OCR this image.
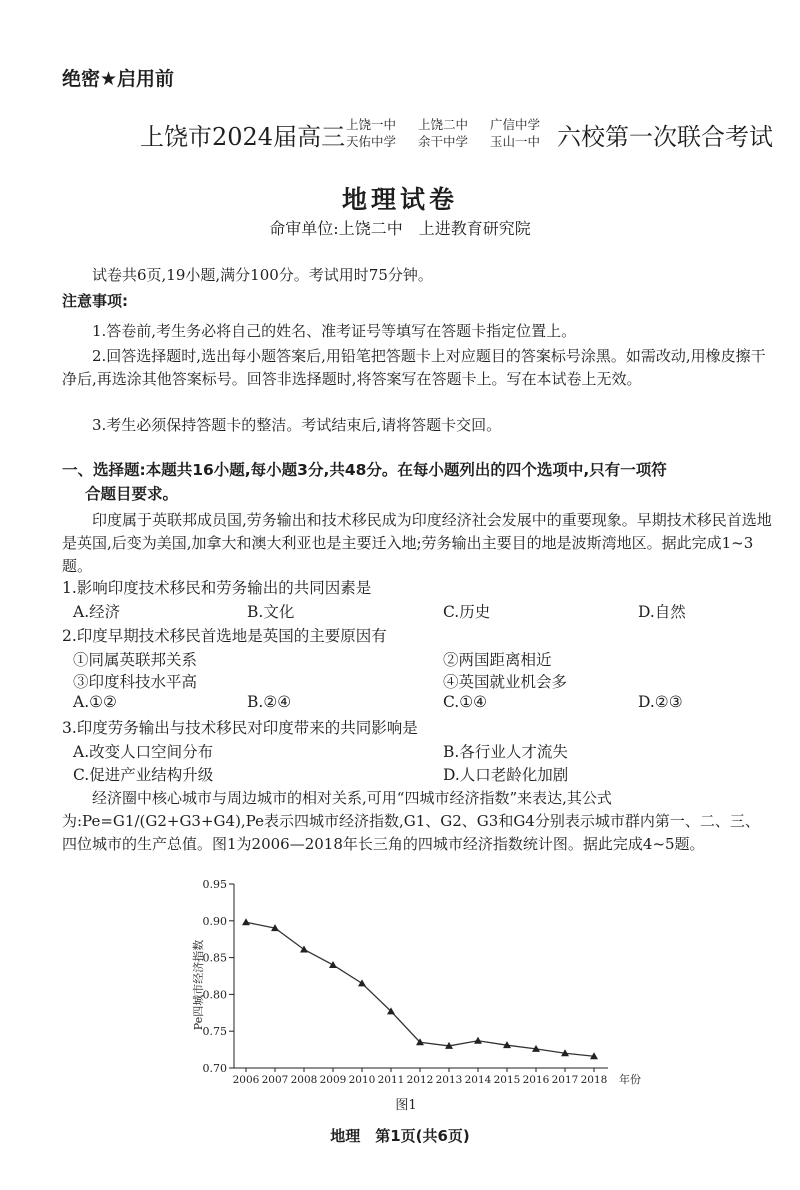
绝密★启用前
上饶市2024届高三 上饶一中 上饶二中 广信中学
天佑中学 余干中学 玉山一中 六校第一次联合考试
地理试卷
命审单位:上饶二中　上进教育研究院
试卷共6页,19小题,满分100分。考试用时75分钟。
注意事项:
1.答卷前,考生务必将自己的姓名、准考证号等填写在答题卡指定位置上。
2.回答选择题时,选出每小题答案后,用铅笔把答题卡上对应题目的答案标号涂黑。如需改动,用橡皮擦干净后,再选涂其他答案标号。回答非选择题时,将答案写在答题卡上。写在本试卷上无效。
3.考生必须保持答题卡的整洁。考试结束后,请将答题卡交回。
一、选择题:本题共16小题,每小题3分,共48分。在每小题列出的四个选项中,只有一项符
合题目要求。
印度属于英联邦成员国,劳务输出和技术移民成为印度经济社会发展中的重要现象。早期技术移民首选地是英国,后变为美国,加拿大和澳大利亚也是主要迁入地;劳务输出主要目的地是波斯湾地区。据此完成1~3题。
1.影响印度技术移民和劳务输出的共同因素是
A.经济	B.文化	C.历史	D.自然
2.印度早期技术移民首选地是英国的主要原因有
①同属英联邦关系	②两国距离相近
③印度科技水平高	④英国就业机会多
A.①②	B.②④	C.①④	D.②③
3.印度劳务输出与技术移民对印度带来的共同影响是
A.改变人口空间分布	B.各行业人才流失
C.促进产业结构升级	D.人口老龄化加剧
经济圈中核心城市与周边城市的相对关系,可用“四城市经济指数”来表达,其公式为:Pe=G1/(G2+G3+G4),Pe表示四城市经济指数,G1、G2、G3和G4分别表示城市群内第一、二、三、四位城市的生产总值。图1为2006—2018年长三角的四城市经济指数统计图。据此完成4~5题。
Pe四城市经济指数
年份
0.70
0.75
0.80
0.85
0.90
0.95
2006 2007 2008 2009 2010 2011 2012 2013 2014 2015 2016 2017 2018
图1
地理　第1页(共6页)
